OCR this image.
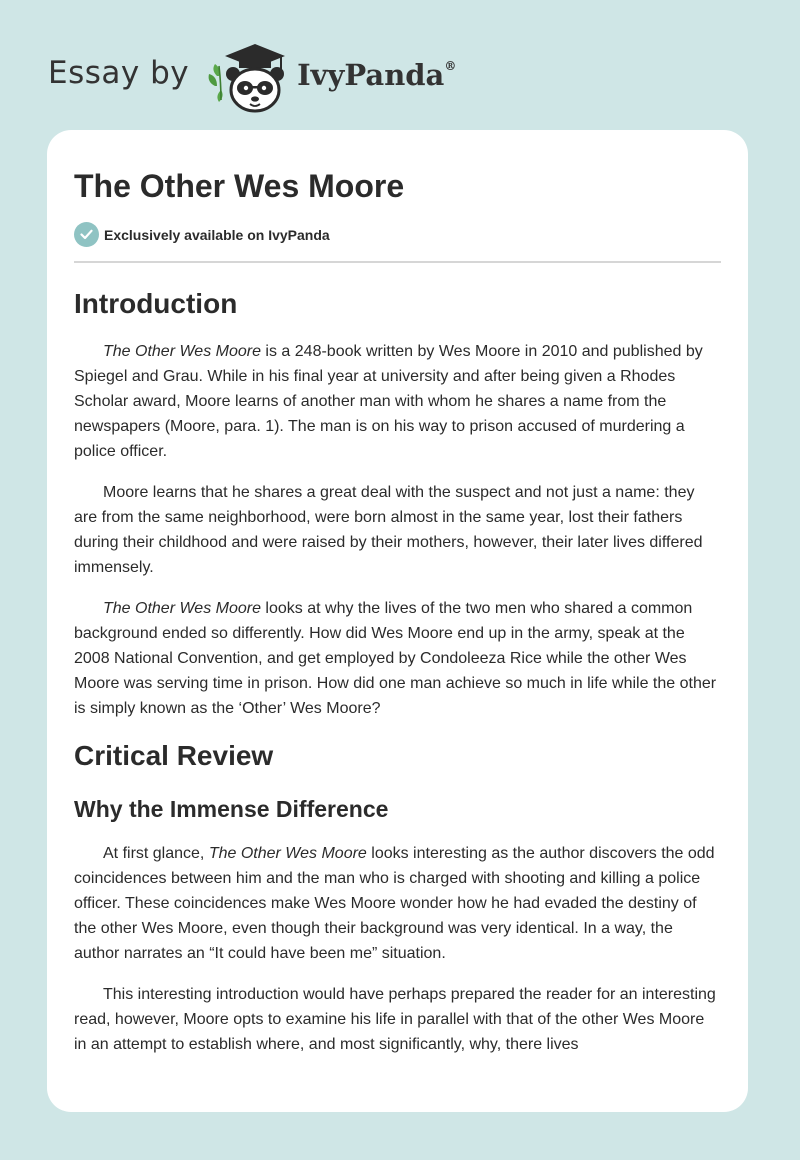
Essay by	IvyPanda®
The Other Wes Moore
Exclusively available on IvyPanda
Introduction

The Other Wes Moore is a 248-book written by Wes Moore in 2010 and published by Spiegel and Grau. While in his final year at university and after being given a Rhodes Scholar award, Moore learns of another man with whom he shares a name from the newspapers (Moore, para. 1). The man is on his way to prison accused of murdering a police officer.

Moore learns that he shares a great deal with the suspect and not just a name: they are from the same neighborhood, were born almost in the same year, lost their fathers during their childhood and were raised by their mothers, however, their later lives differed immensely.

The Other Wes Moore looks at why the lives of the two men who shared a common background ended so differently. How did Wes Moore end up in the army, speak at the 2008 National Convention, and get employed by Condoleeza Rice while the other Wes Moore was serving time in prison. How did one man achieve so much in life while the other is simply known as the ‘Other’ Wes Moore?

Critical Review
Why the Immense Difference

At first glance, The Other Wes Moore looks interesting as the author discovers the odd coincidences between him and the man who is charged with shooting and killing a police officer. These coincidences make Wes Moore wonder how he had evaded the destiny of the other Wes Moore, even though their background was very identical. In a way, the author narrates an “It could have been me” situation.

This interesting introduction would have perhaps prepared the reader for an interesting read, however, Moore opts to examine his life in parallel with that of the other Wes Moore in an attempt to establish where, and most significantly, why, there lives
